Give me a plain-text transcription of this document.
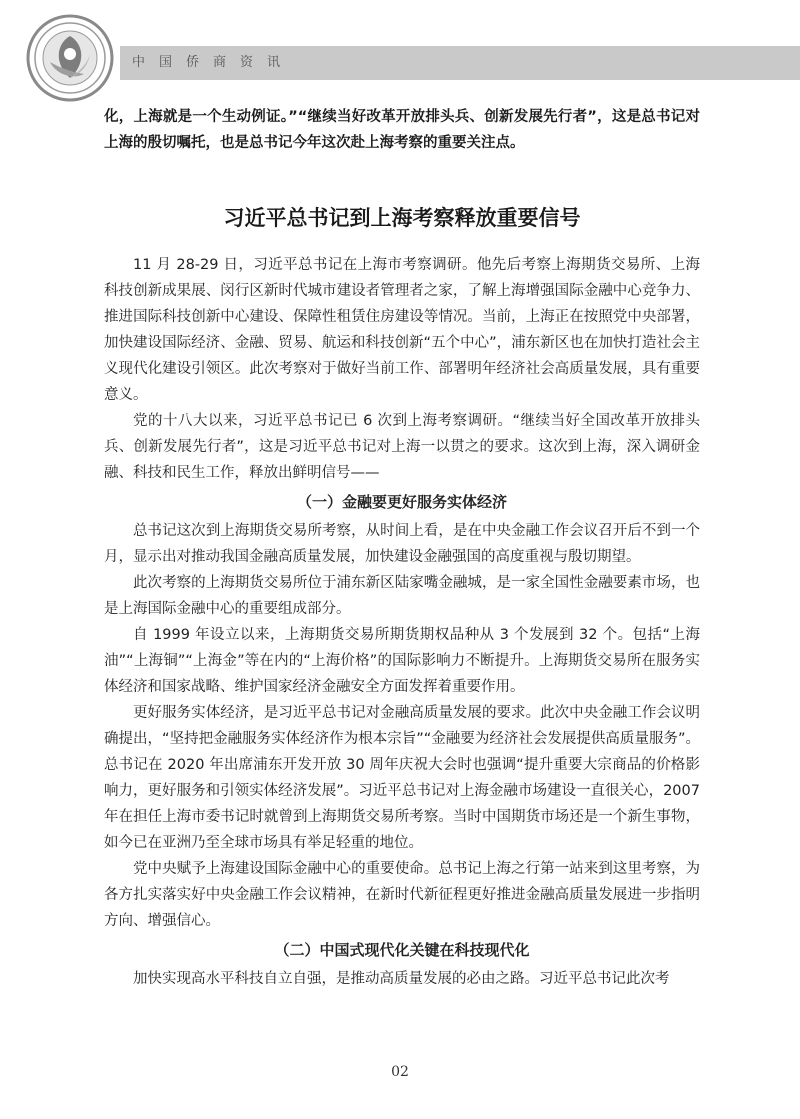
中国侨商资讯

化，上海就是一个生动例证。”“继续当好改革开放排头兵、创新发展先行者”，这是总书记对上海的殷切嘱托，也是总书记今年这次赴上海考察的重要关注点。

习近平总书记到上海考察释放重要信号

11 月 28-29 日，习近平总书记在上海市考察调研。他先后考察上海期货交易所、上海科技创新成果展、闵行区新时代城市建设者管理者之家，了解上海增强国际金融中心竞争力、推进国际科技创新中心建设、保障性租赁住房建设等情况。当前，上海正在按照党中央部署，加快建设国际经济、金融、贸易、航运和科技创新“五个中心”，浦东新区也在加快打造社会主义现代化建设引领区。此次考察对于做好当前工作、部署明年经济社会高质量发展，具有重要意义。

党的十八大以来，习近平总书记已 6 次到上海考察调研。“继续当好全国改革开放排头兵、创新发展先行者”，这是习近平总书记对上海一以贯之的要求。这次到上海，深入调研金融、科技和民生工作，释放出鲜明信号——

（一）金融要更好服务实体经济

总书记这次到上海期货交易所考察，从时间上看，是在中央金融工作会议召开后不到一个月，显示出对推动我国金融高质量发展，加快建设金融强国的高度重视与殷切期望。

此次考察的上海期货交易所位于浦东新区陆家嘴金融城，是一家全国性金融要素市场，也是上海国际金融中心的重要组成部分。

自 1999 年设立以来，上海期货交易所期货期权品种从 3 个发展到 32 个。包括“上海油”“上海铜”“上海金”等在内的“上海价格”的国际影响力不断提升。上海期货交易所在服务实体经济和国家战略、维护国家经济金融安全方面发挥着重要作用。

更好服务实体经济，是习近平总书记对金融高质量发展的要求。此次中央金融工作会议明确提出，“坚持把金融服务实体经济作为根本宗旨”“金融要为经济社会发展提供高质量服务”。总书记在 2020 年出席浦东开发开放 30 周年庆祝大会时也强调“提升重要大宗商品的价格影响力，更好服务和引领实体经济发展”。习近平总书记对上海金融市场建设一直很关心，2007 年在担任上海市委书记时就曾到上海期货交易所考察。当时中国期货市场还是一个新生事物，如今已在亚洲乃至全球市场具有举足轻重的地位。

党中央赋予上海建设国际金融中心的重要使命。总书记上海之行第一站来到这里考察，为各方扎实落实好中央金融工作会议精神，在新时代新征程更好推进金融高质量发展进一步指明方向、增强信心。

（二）中国式现代化关键在科技现代化

加快实现高水平科技自立自强，是推动高质量发展的必由之路。习近平总书记此次考

02
